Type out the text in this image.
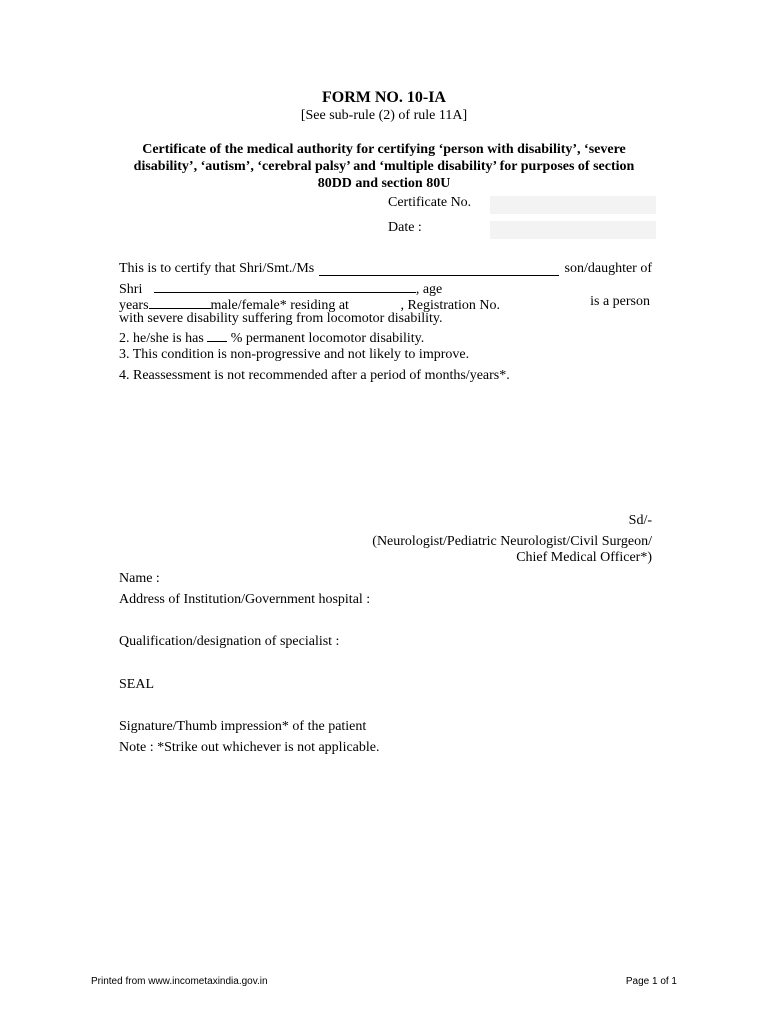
FORM NO. 10-IA
[See sub-rule (2) of rule 11A]
Certificate of the medical authority for certifying ‘person with disability’, ‘severe
disability’, ‘autism’, ‘cerebral palsy’ and ‘multiple disability’ for purposes of section
80DD and section 80U
Certificate No.
Date :
This is to certify that Shri/Smt./Ms	son/daughter of
Shri	, age
years	male/female* residing at	, Registration No.	is a person
with severe disability suffering from locomotor disability.
2. he/she is has % permanent locomotor disability.
3. This condition is non-progressive and not likely to improve.
4. Reassessment is not recommended after a period of months/years*.
Sd/-
(Neurologist/Pediatric Neurologist/Civil Surgeon/
Chief Medical Officer*)
Name :
Address of Institution/Government hospital :
Qualification/designation of specialist :
SEAL
Signature/Thumb impression* of the patient
Note : *Strike out whichever is not applicable.
Printed from www.incometaxindia.gov.in	Page 1 of 1
